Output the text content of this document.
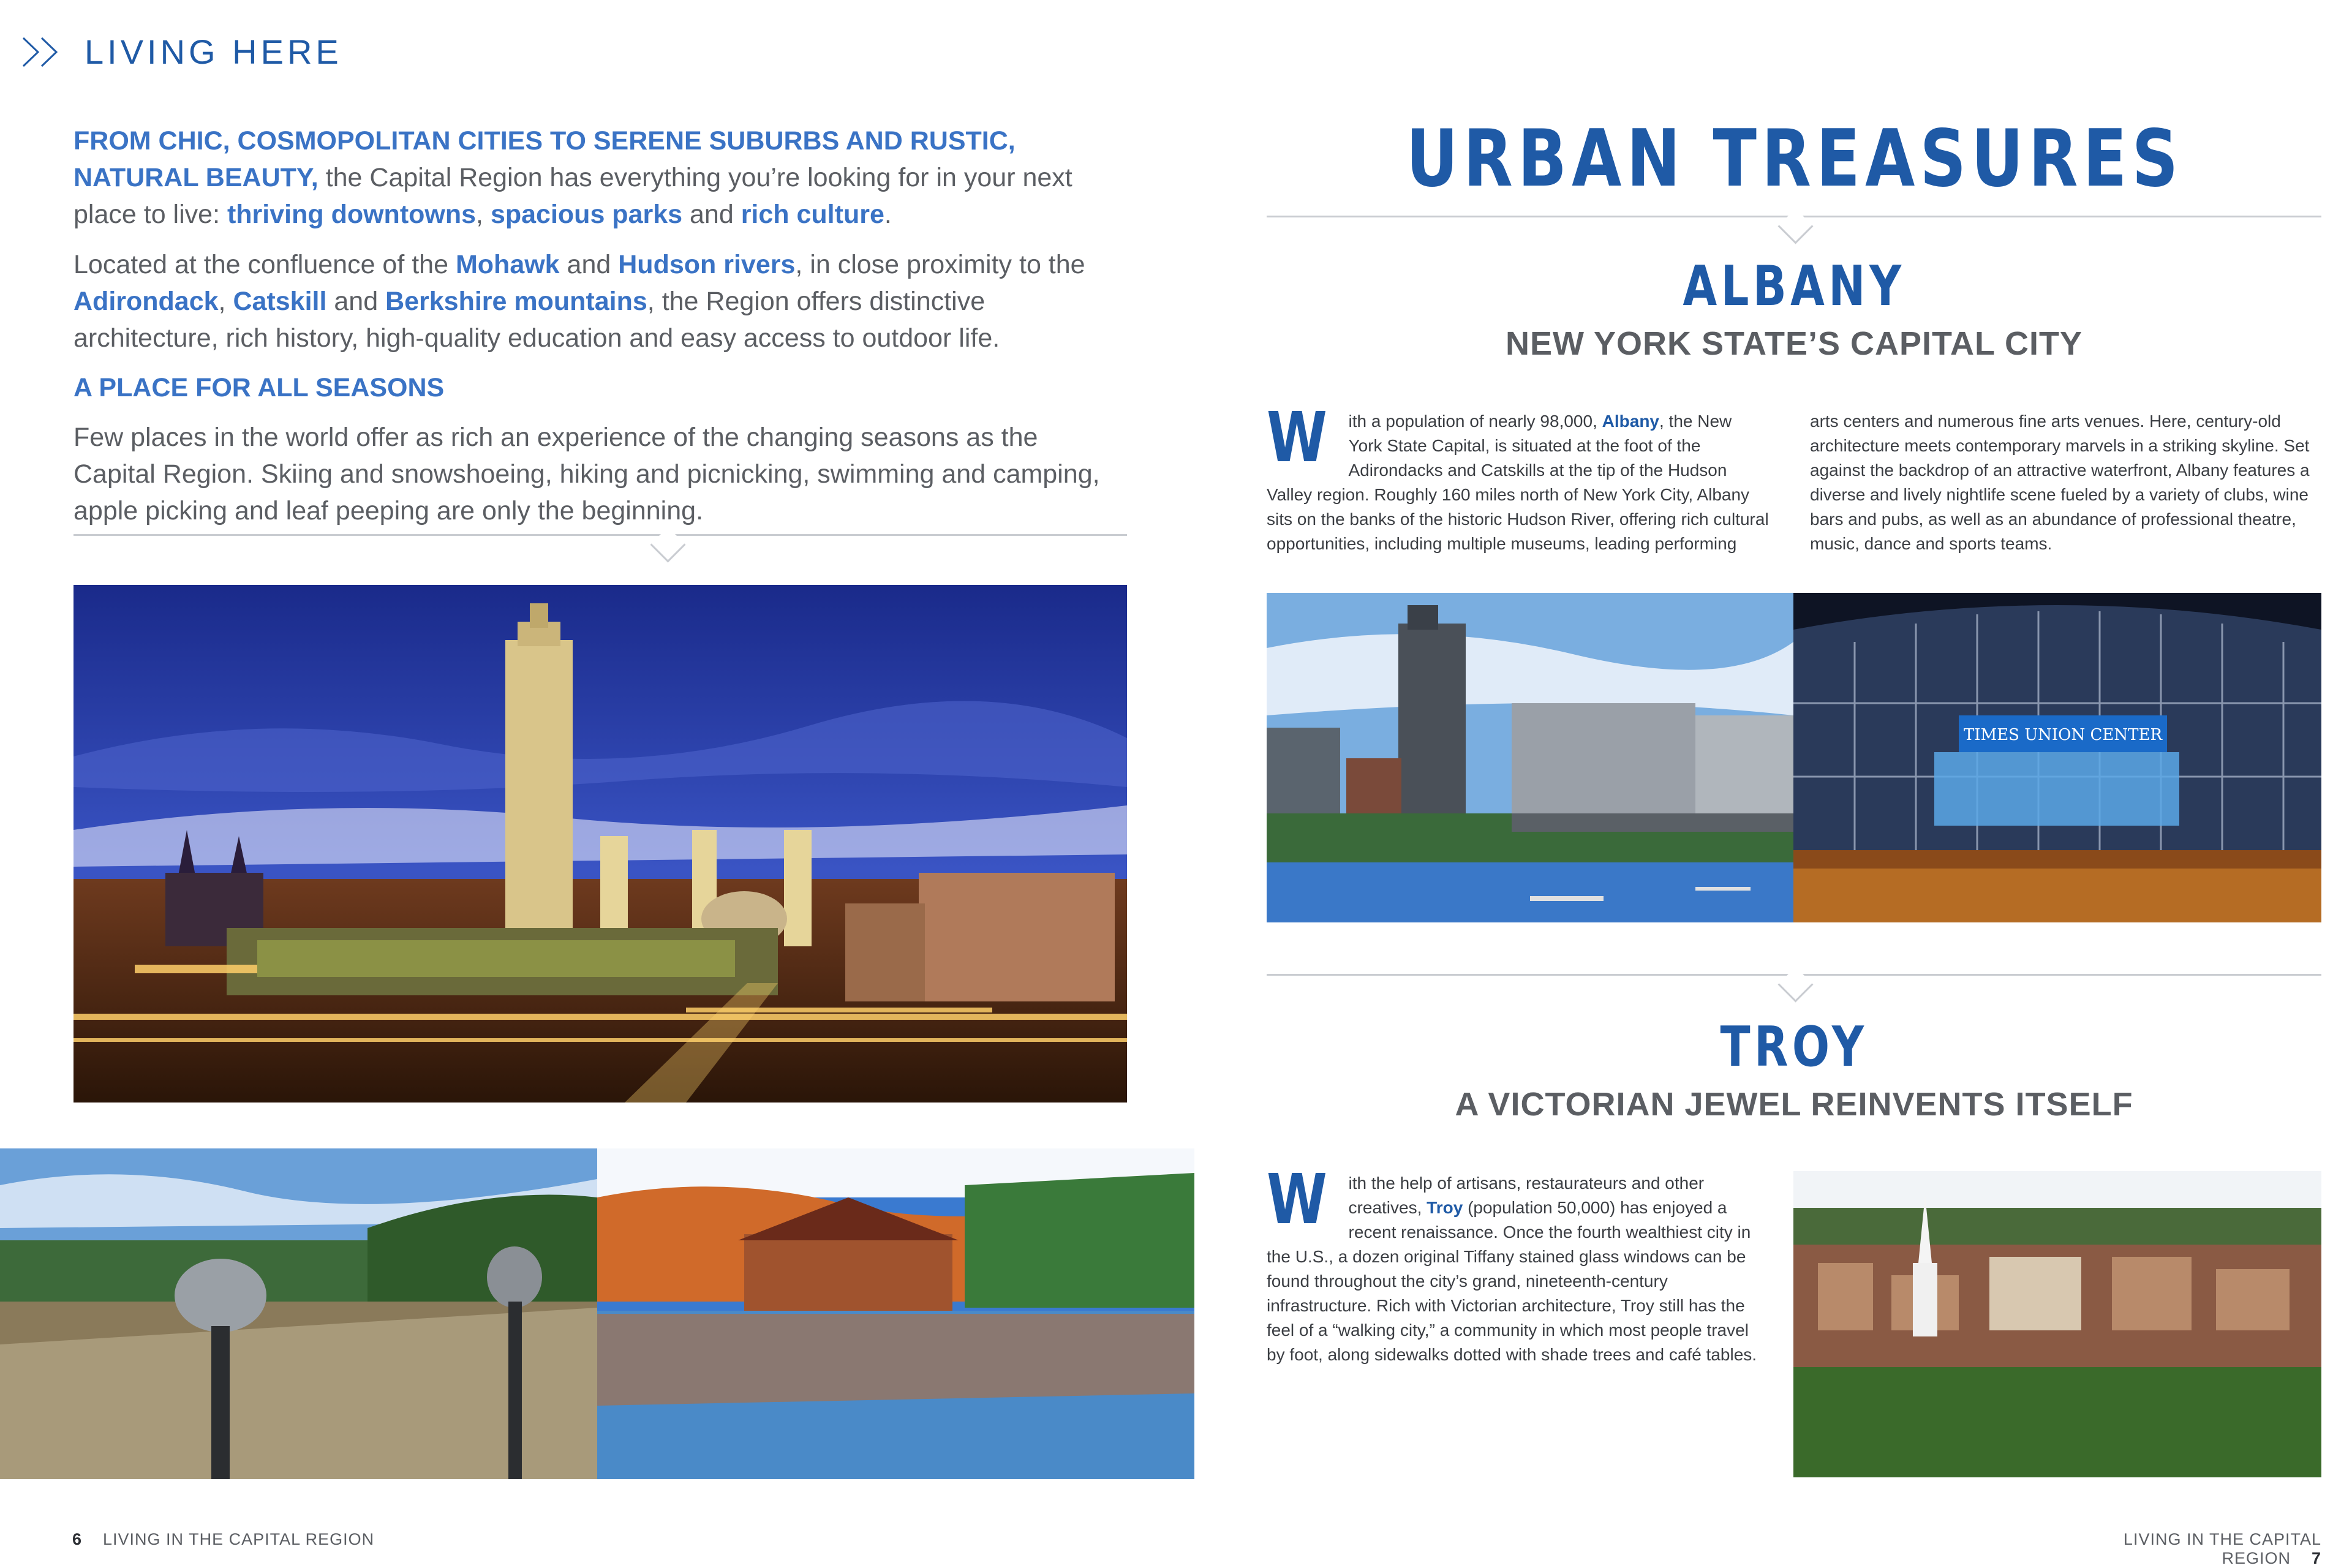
LIVING HERE

FROM CHIC, COSMOPOLITAN CITIES TO SERENE SUBURBS AND RUSTIC, NATURAL BEAUTY, the Capital Region has everything you’re looking for in your next place to live: thriving downtowns, spacious parks and rich culture.

Located at the confluence of the Mohawk and Hudson rivers, in close proximity to the Adirondack, Catskill and Berkshire mountains, the Region offers distinctive architecture, rich history, high-quality education and easy access to outdoor life.

A PLACE FOR ALL SEASONS

Few places in the world offer as rich an experience of the changing seasons as the Capital Region. Skiing and snowshoeing, hiking and picnicking, swimming and camping, apple picking and leaf peeping are only the beginning.

6 LIVING IN THE CAPITAL REGION
URBAN TREASURES
ALBANY
NEW YORK STATE’S CAPITAL CITY
W ith a population of nearly 98,000, Albany, the New York State Capital, is situated at the foot of the Adirondacks and Catskills at the tip of the Hudson Valley region. Roughly 160 miles north of New York City, Albany sits on the banks of the historic Hudson River, offering rich cultural opportunities, including multiple museums, leading performing
arts centers and numerous fine arts venues. Here, century-old architecture meets contemporary marvels in a striking skyline. Set against the backdrop of an attractive waterfront, Albany features a diverse and lively nightlife scene fueled by a variety of clubs, wine bars and pubs, as well as an abundance of professional theatre, music, dance and sports teams.
TIMES UNION CENTER
TROY
A VICTORIAN JEWEL REINVENTS ITSELF
W ith the help of artisans, restaurateurs and other creatives, Troy (population 50,000) has enjoyed a recent renaissance. Once the fourth wealthiest city in the U.S., a dozen original Tiffany stained glass windows can be found throughout the city’s grand, nineteenth-century infrastructure. Rich with Victorian architecture, Troy still has the feel of a “walking city,” a community in which most people travel by foot, along sidewalks dotted with shade trees and café tables.
LIVING IN THE CAPITAL REGION 7
